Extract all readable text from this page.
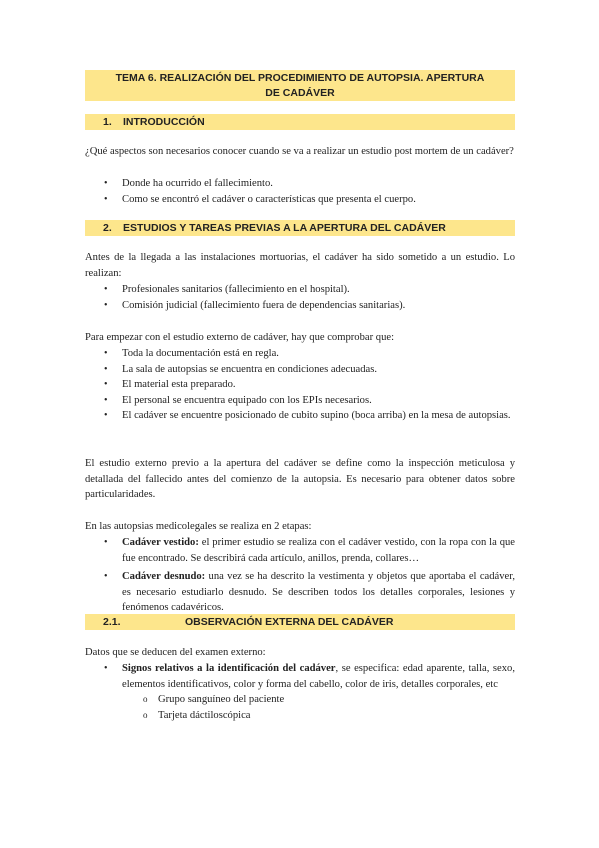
TEMA 6. REALIZACIÓN DEL PROCEDIMIENTO DE AUTOPSIA. APERTURA
DE CADÁVER
1. INTRODUCCIÓN

¿Qué aspectos son necesarios conocer cuando se va a realizar un estudio post mortem de un cadáver?

• Donde ha ocurrido el fallecimiento.
• Como se encontró el cadáver o características que presenta el cuerpo.
2. ESTUDIOS Y TAREAS PREVIAS A LA APERTURA DEL CADÁVER

Antes de la llegada a las instalaciones mortuorias, el cadáver ha sido sometido a un estudio. Lo realizan:

• Profesionales sanitarios (fallecimiento en el hospital).
• Comisión judicial (fallecimiento fuera de dependencias sanitarias).

Para empezar con el estudio externo de cadáver, hay que comprobar que:

• Toda la documentación está en regla.
• La sala de autopsias se encuentra en condiciones adecuadas.
• El material esta preparado.
• El personal se encuentra equipado con los EPIs necesarios.
• El cadáver se encuentre posicionado de cubito supino (boca arriba) en la mesa de autopsias.

El estudio externo previo a la apertura del cadáver se define como la inspección meticulosa y detallada del fallecido antes del comienzo de la autopsia. Es necesario para obtener datos sobre particularidades.

En las autopsias medicolegales se realiza en 2 etapas:

• Cadáver vestido: el primer estudio se realiza con el cadáver vestido, con la ropa con la que fue encontrado. Se describirá cada artículo, anillos, prenda, collares…
• Cadáver desnudo: una vez se ha descrito la vestimenta y objetos que aportaba el cadáver, es necesario estudiarlo desnudo. Se describen todos los detalles corporales, lesiones y fenómenos cadavéricos.
2.1.	OBSERVACIÓN EXTERNA DEL CADÁVER

Datos que se deducen del examen externo:

• Signos relativos a la identificación del cadáver, se especifica: edad aparente, talla, sexo, elementos identificativos, color y forma del cabello, color de iris, detalles corporales, etc
o Grupo sanguíneo del paciente
o Tarjeta dáctiloscópica
